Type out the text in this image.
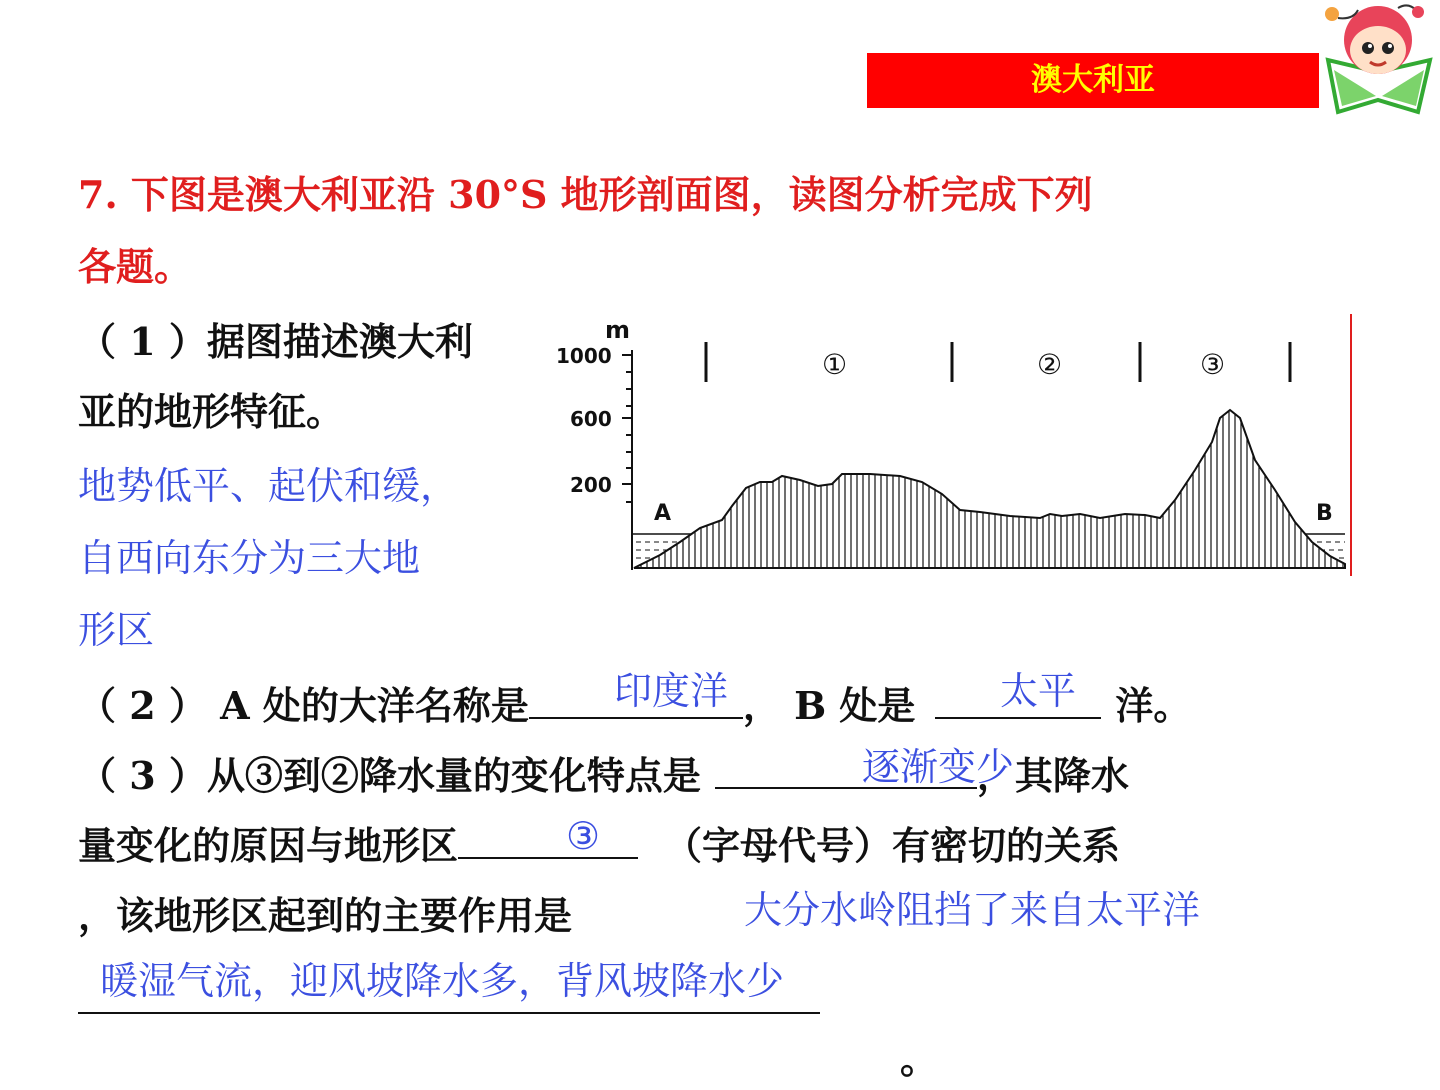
澳大利亚
7. 下图是澳大利亚沿 30°S 地形剖面图，读图分析完成下列
各题。
（ 1 ）据图描述澳大利
亚的地形特征。
地势低平、起伏和缓，
自西向东分为三大地
形区
m
1000
600
200
①	②	③
A	B
（ 2 ） A 处的大洋名称是	， B 处是	洋。
印度洋	太平
（ 3 ）从③到②降水量的变化特点是	，其降水
逐渐变少
量变化的原因与地形区	（字母代号）有密切的关系
③
，该地形区起到的主要作用是	大分水岭阻挡了来自太平洋
暖湿气流，迎风坡降水多，背风坡降水少
。
